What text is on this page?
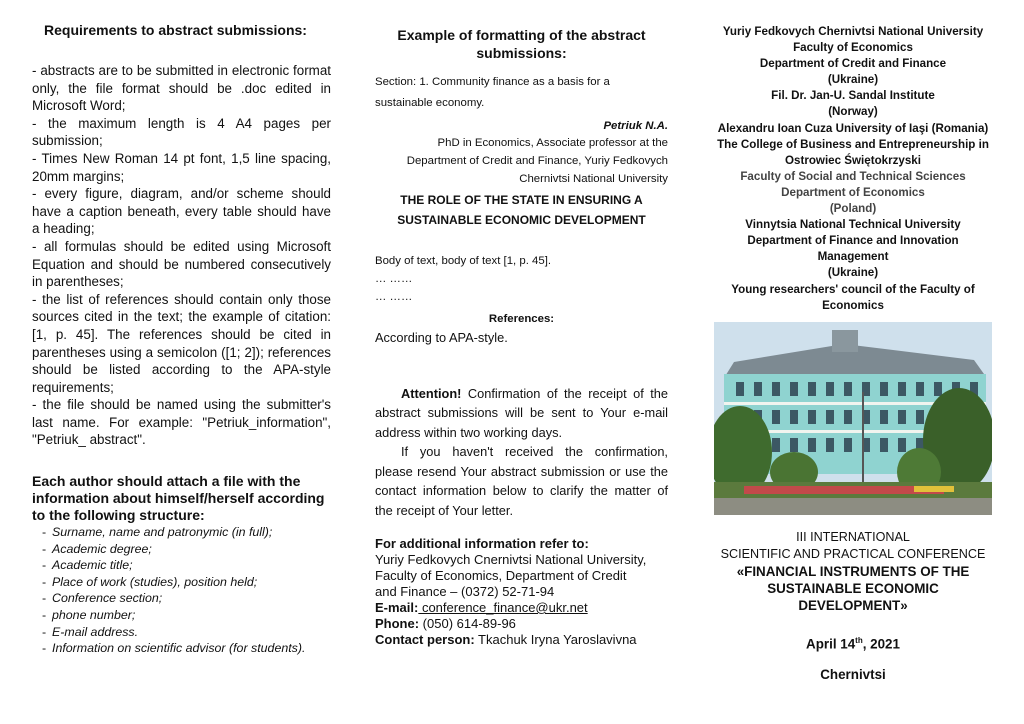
Requirements to abstract submissions:

- abstracts are to be submitted in electronic format only, the file format should be .doc edited in Microsoft Word;

- the maximum length is 4 A4 pages per submission;

- Times New Roman 14 pt font, 1,5 line spacing, 20mm margins;

- every figure, diagram, and/or scheme should have a caption beneath, every table should have a heading;

- all formulas should be edited using Microsoft Equation and should be numbered consecutively in parentheses;

- the list of references should contain only those sources cited in the text; the example of citation: [1, p. 45]. The references should be cited in parentheses using a semicolon ([1; 2]); references should be listed according to the APA-style requirements;

- the file should be named using the submitter's last name. For example: "Petriuk_information", "Petriuk_ abstract".

Each author should attach a file with the information about himself/herself according to the following structure:

- Surname, name and patronymic (in full);
- Academic degree;
- Academic title;
- Place of work (studies), position held;
- Conference section;
- phone number;
- E-mail address.
- Information on scientific advisor (for students).

Example of formatting of the abstract submissions:

Section: 1. Community finance as a basis for a sustainable economy.

Petriuk N.A.

PhD in Economics, Associate professor at the Department of Credit and Finance, Yuriy Fedkovych Chernivtsi National University

THE ROLE OF THE STATE IN ENSURING A SUSTAINABLE ECONOMIC DEVELOPMENT

Body of text, body of text [1, p. 45].

… ……

… ……

References:

According to APA-style.

Attention! Confirmation of the receipt of the abstract submissions will be sent to Your e-mail address within two working days.

If you haven't received the confirmation, please resend Your abstract submission or use the contact information below to clarify the matter of the receipt of Your letter.

For additional information refer to:

Yuriy Fedkovych Cnernivtsi National University, Faculty of Economics, Department of Credit and Finance – (0372) 52-71-94

E-mail: conference_finance@ukr.net

Phone: (050) 614-89-96

Contact person: Tkachuk Iryna Yaroslavivna

Yuriy Fedkovych Chernivtsi National University

Faculty of Economics

Department of Credit and Finance

(Ukraine)

Fil. Dr. Jan-U. Sandal Institute

(Norway)

Alexandru Ioan Cuza University of Iaşi (Romania)

The College of Business and Entrepreneurship in Ostrowiec Świętokrzyski

Faculty of Social and Technical Sciences

Department of Economics

(Poland)

Vinnytsia National Technical University

Department of Finance and Innovation Management

(Ukraine)

Young researchers' council of the Faculty of Economics

III INTERNATIONAL

SCIENTIFIC AND PRACTICAL CONFERENCE

«FINANCIAL INSTRUMENTS OF THE SUSTAINABLE ECONOMIC DEVELOPMENT»

April 14th, 2021

Chernivtsi
